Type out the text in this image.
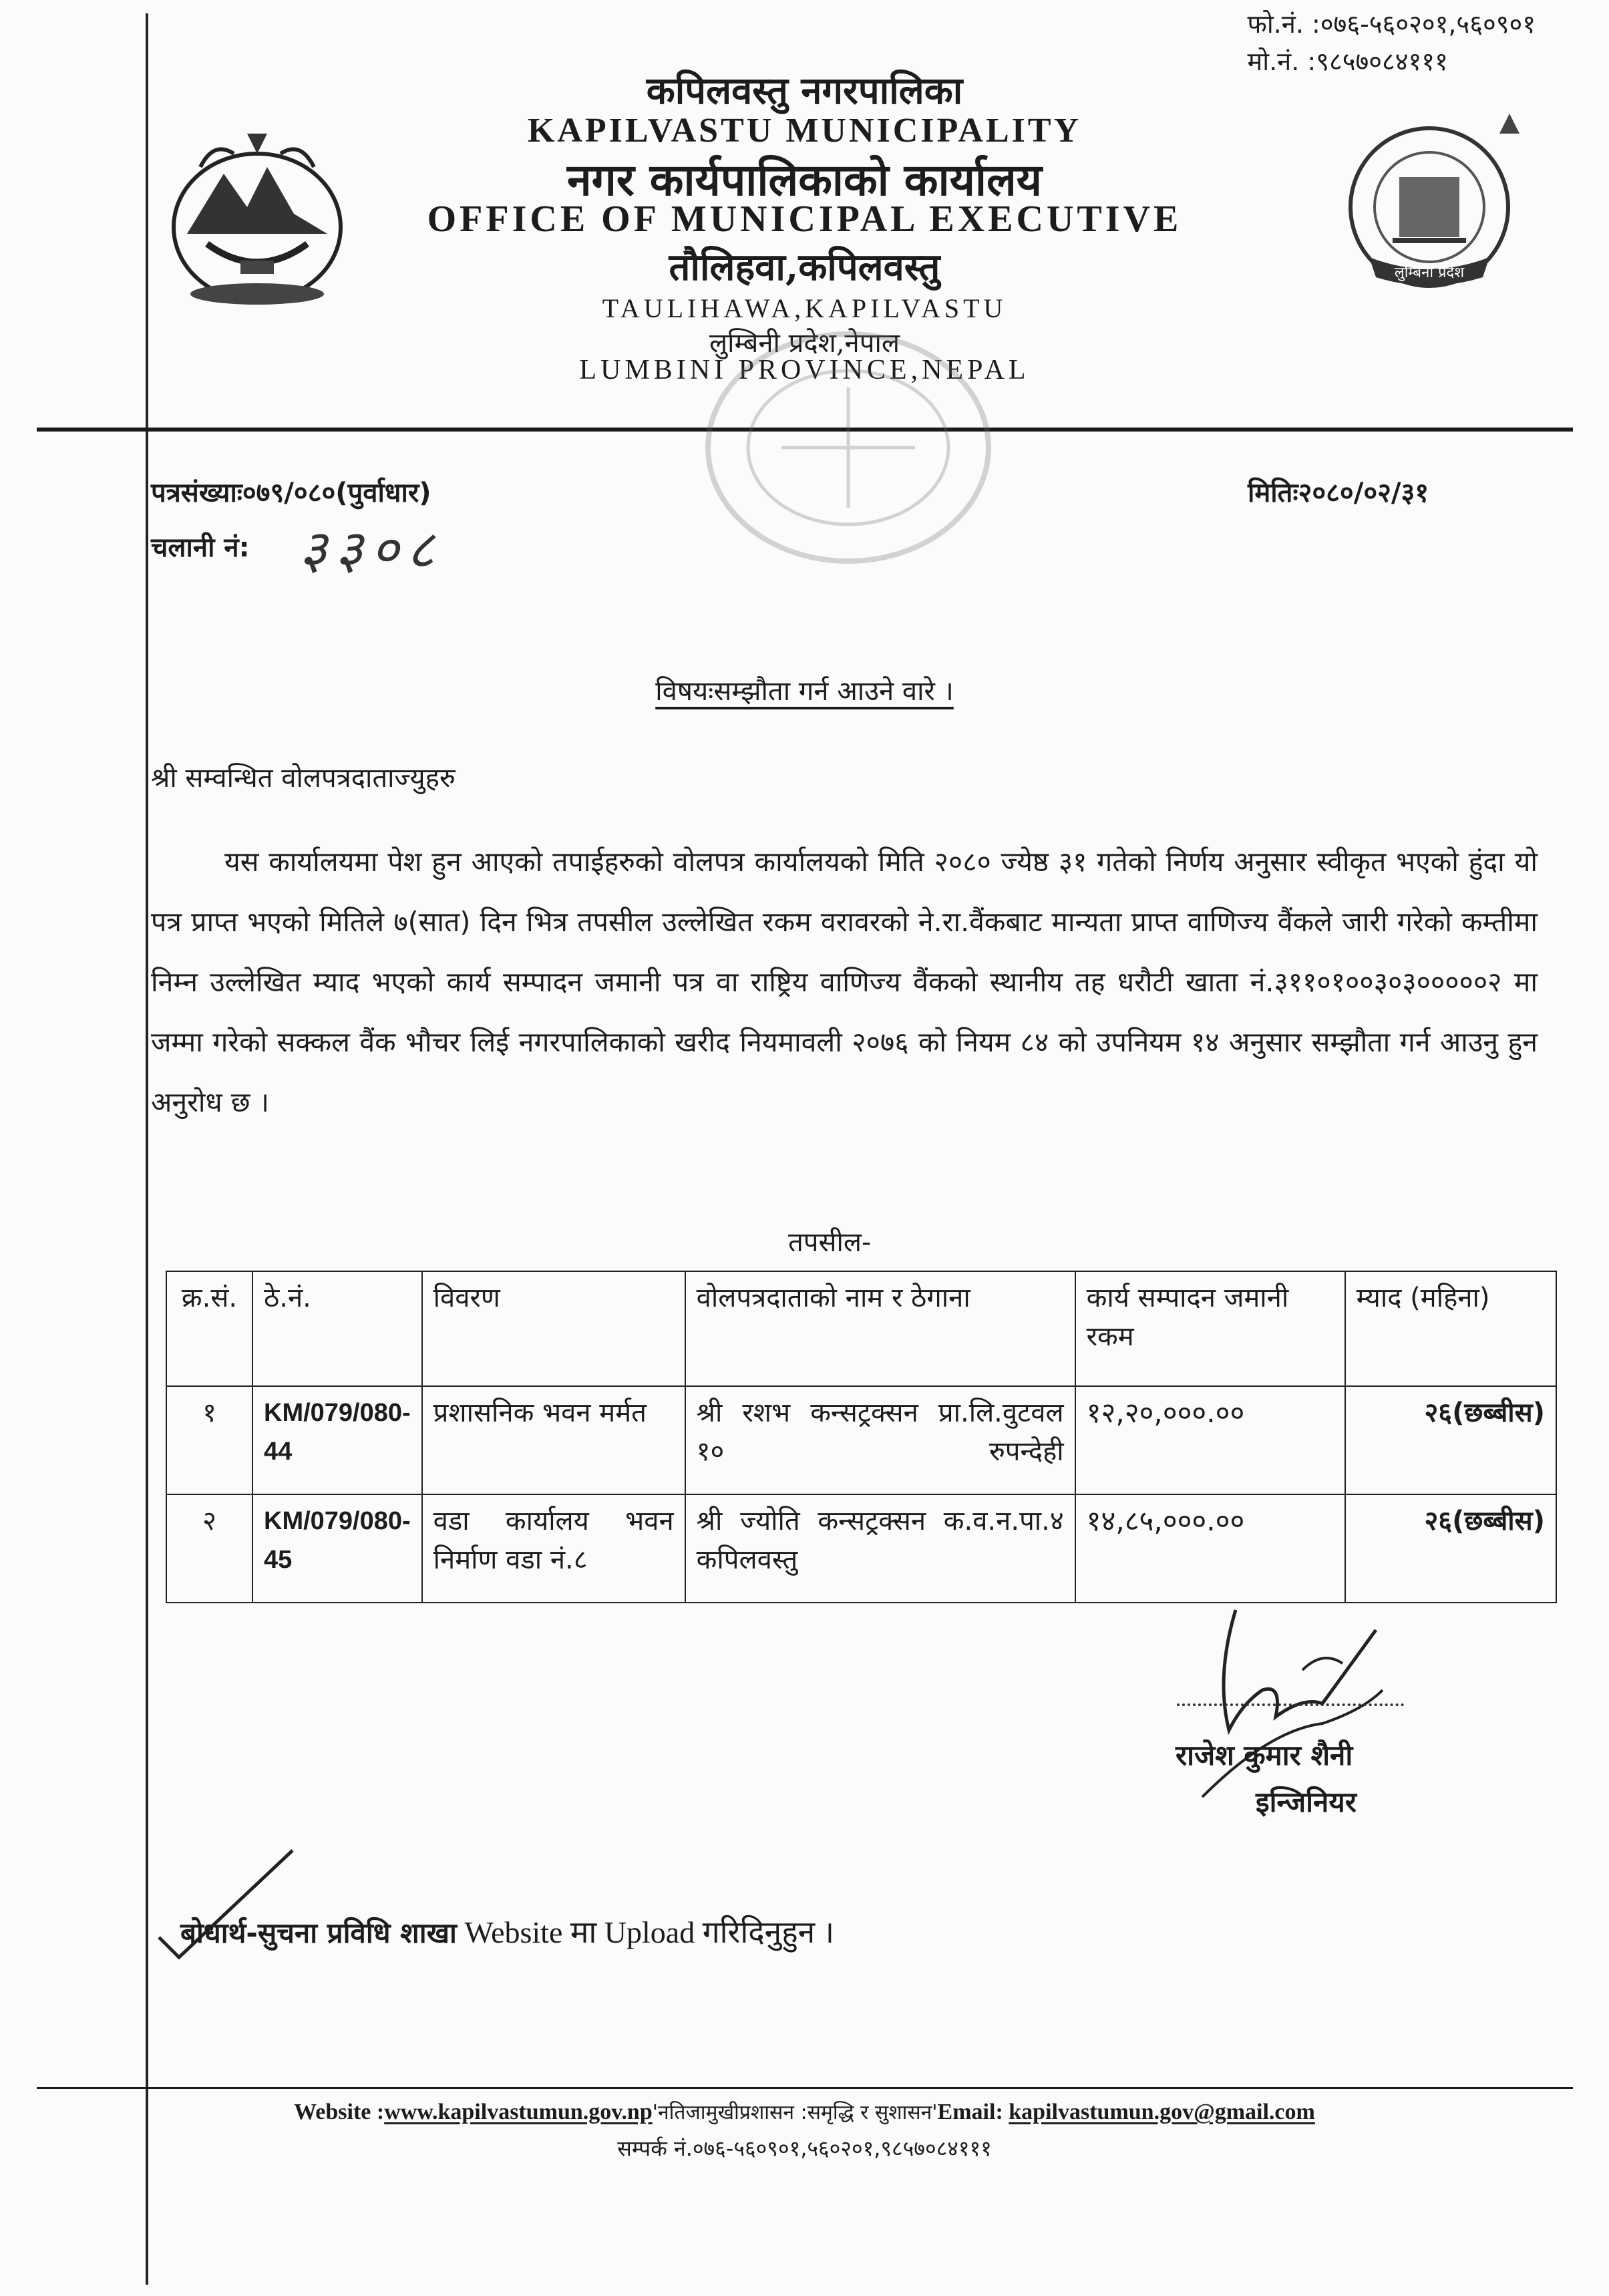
फो.नं. :०७६-५६०२०१,५६०९०१
मो.नं. :९८५७०८४१११
लुम्बिनी प्रदेश
कपिलवस्तु नगरपालिका
KAPILVASTU MUNICIPALITY
नगर कार्यपालिकाको कार्यालय
OFFICE OF MUNICIPAL EXECUTIVE
तौलिहवा,कपिलवस्तु
TAULIHAWA,KAPILVASTU
लुम्बिनी प्रदेश,नेपाल
LUMBINI PROVINCE,NEPAL
पत्रसंख्याः०७९/०८०(पुर्वाधार)
चलानी नं: ३३०८
मितिः२०८०/०२/३१
विषयःसम्झौता गर्न आउने वारे ।
श्री सम्वन्धित वोलपत्रदाताज्युहरु
यस कार्यालयमा पेश हुन आएको तपाईहरुको वोलपत्र कार्यालयको मिति २०८० ज्येष्ठ ३१ गतेको निर्णय अनुसार स्वीकृत भएको हुंदा यो पत्र प्राप्त भएको मितिले ७(सात) दिन भित्र तपसील उल्लेखित रकम वरावरको ने.रा.वैंकबाट मान्यता प्राप्त वाणिज्य वैंकले जारी गरेको कम्तीमा निम्न उल्लेखित म्याद भएको कार्य सम्पादन जमानी पत्र वा राष्ट्रिय वाणिज्य वैंकको स्थानीय तह धरौटी खाता नं.३११०१००३०३०००००२ मा जम्मा गरेको सक्कल वैंक भौचर लिई नगरपालिकाको खरीद नियमावली २०७६ को नियम ८४ को उपनियम १४ अनुसार सम्झौता गर्न आउनु हुन अनुरोध छ ।
तपसील-
क्र.सं.	ठे.नं.	विवरण	वोलपत्रदाताको नाम र ठेगाना	कार्य सम्पादन जमानी रकम	म्याद (महिना)
१	KM/079/080-44	प्रशासनिक भवन मर्मत	श्री रशभ कन्सट्रक्सन प्रा.लि.वुटवल १० रुपन्देही	१२,२०,०००.००	२६(छब्बीस)
२	KM/079/080-45	वडा कार्यालय भवन निर्माण वडा नं.८	श्री ज्योति कन्सट्रक्सन क.व.न.पा.४ कपिलवस्तु	१४,८५,०००.००	२६(छब्बीस)
राजेश कुमार शैनी
इन्जिनियर
बोधार्थ-सुचना प्रविधि शाखा Website मा Upload गरिदिनुहुन ।
Website :www.kapilvastumun.gov.np'नतिजामुखीप्रशासन :समृद्धि र सुशासन'Email: kapilvastumun.gov@gmail.com
सम्पर्क नं.०७६-५६०९०१,५६०२०१,९८५७०८४१११
